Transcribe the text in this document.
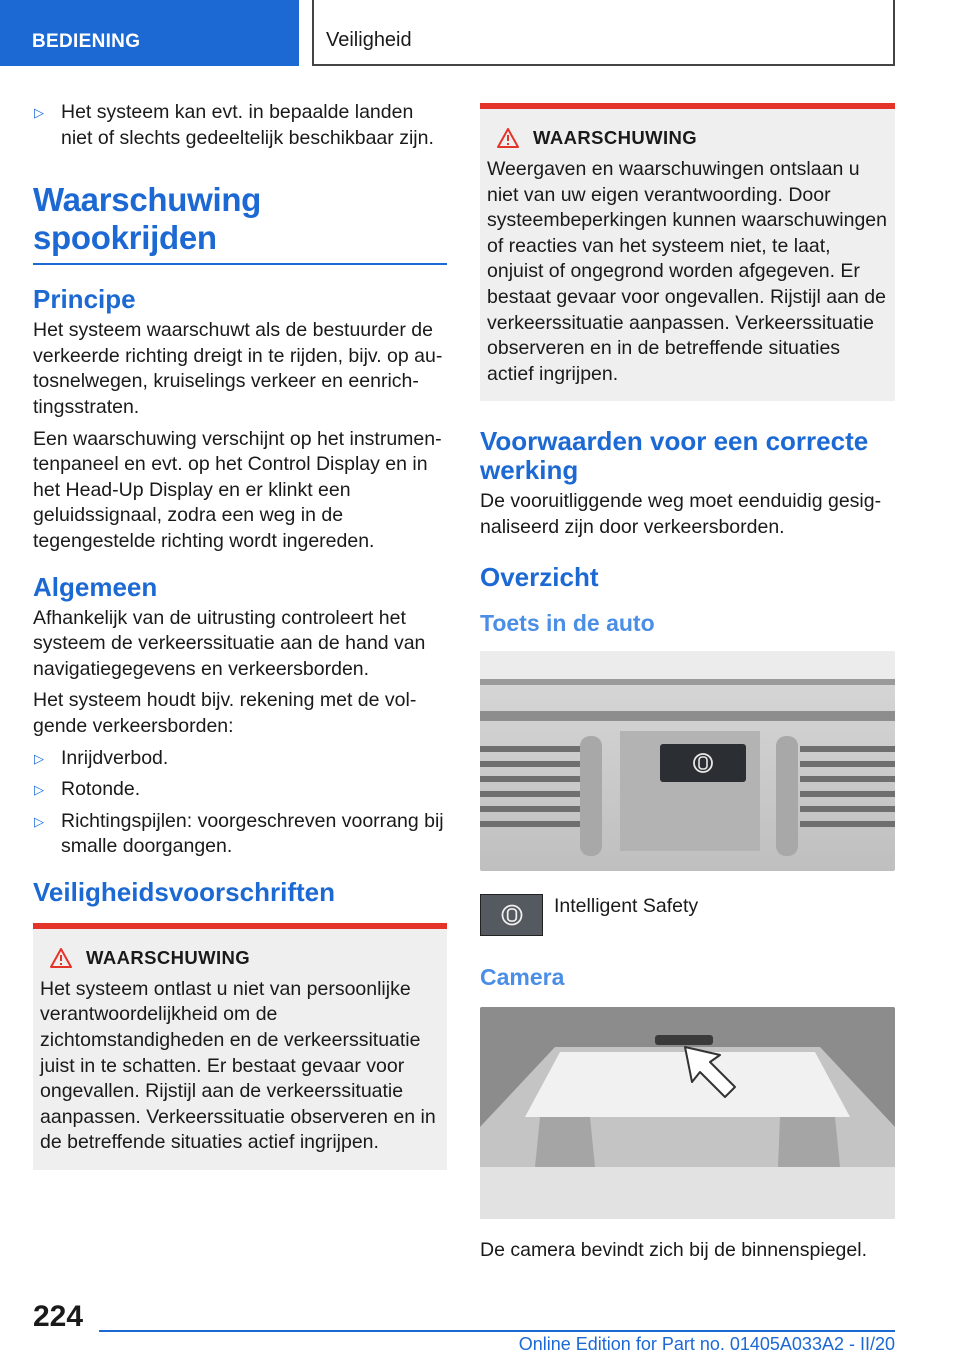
BEDIENING	Veiligheid
▷ Het systeem kan evt. in bepaalde landen niet of slechts gedeeltelijk beschikbaar zijn.
Waarschuwing spookrijden
Principe

Het systeem waarschuwt als de bestuurder de verkeerde richting dreigt in te rijden, bijv. op autosnelwegen, kruiselings verkeer en eenrichtingsstraten.

Een waarschuwing verschijnt op het instrumentenpaneel en evt. op het Control Display en in het Head-Up Display en er klinkt een geluidssignaal, zodra een weg in de tegengestelde richting wordt ingereden.

Algemeen

Afhankelijk van de uitrusting controleert het systeem de verkeerssituatie aan de hand van navigatiegegevens en verkeersborden.

Het systeem houdt bijv. rekening met de volgende verkeersborden:

▷ Inrijdverbod.
▷ Rotonde.
▷ Richtingspijlen: voorgeschreven voorrang bij smalle doorgangen.
Veiligheidsvoorschriften
WAARSCHUWING

Het systeem ontlast u niet van persoonlijke verantwoordelijkheid om de zichtomstandigheden en de verkeerssituatie juist in te schatten. Er bestaat gevaar voor ongevallen. Rijstijl aan de verkeerssituatie aanpassen. Verkeerssituatie observeren en in de betreffende situaties actief ingrijpen.

WAARSCHUWING

Weergaven en waarschuwingen ontslaan u niet van uw eigen verantwoording. Door systeembeperkingen kunnen waarschuwingen of reacties van het systeem niet, te laat, onjuist of ongegrond worden afgegeven. Er bestaat gevaar voor ongevallen. Rijstijl aan de verkeerssituatie aanpassen. Verkeerssituatie observeren en in de betreffende situaties actief ingrijpen.

Voorwaarden voor een correcte werking

De vooruitliggende weg moet eenduidig gesignaliseerd zijn door verkeersborden.

Overzicht
Toets in de auto
Intelligent Safety
Camera

De camera bevindt zich bij de binnenspiegel.

224
Online Edition for Part no. 01405A033A2 - II/20
